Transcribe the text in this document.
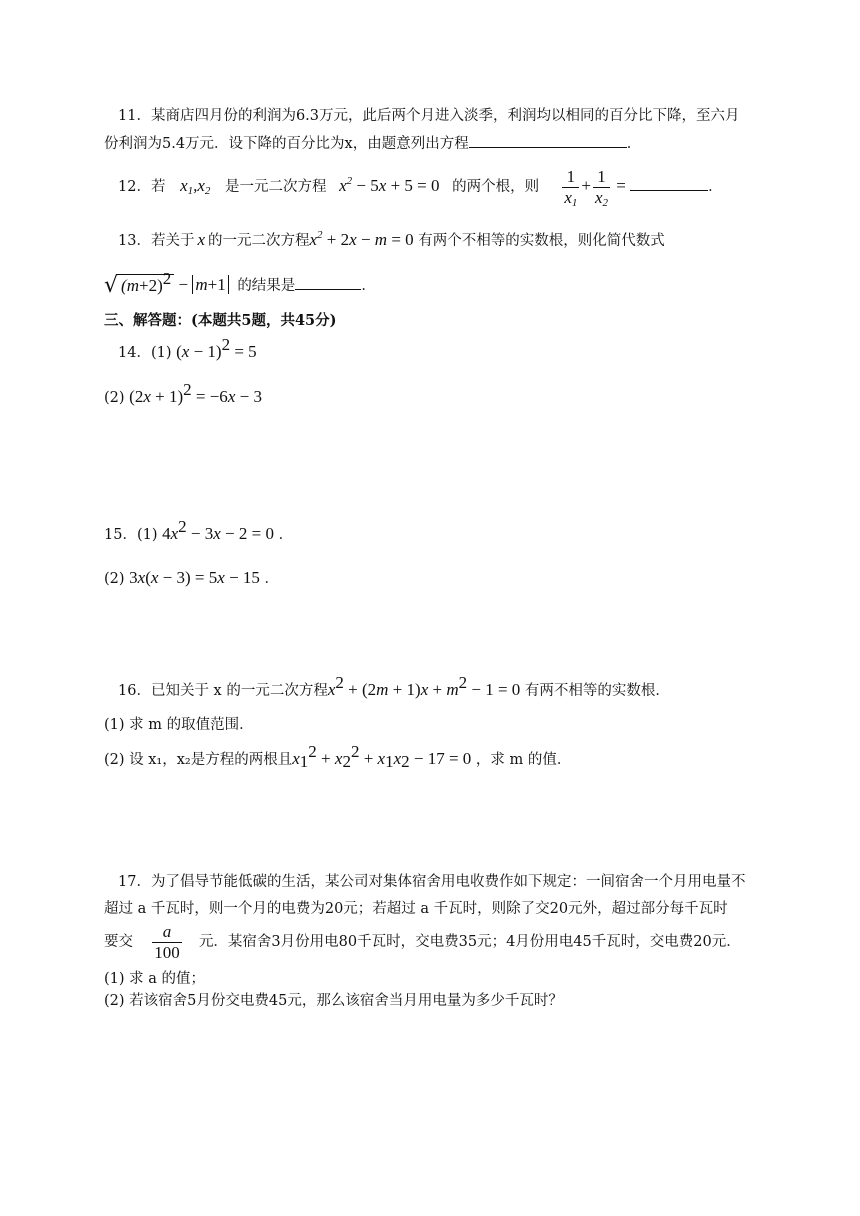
11．某商店四月份的利润为6.3万元，此后两个月进入淡季，利润均以相同的百分比下降，至六月
份利润为5.4万元．设下降的百分比为x，由题意列出方程	．
12．若 $x_1,x_2$ 是一元二次方程 $x^2 - 5x + 5 = 0$ 的两个根，则 $\frac{1}{x_1} + \frac{1}{x_2}$ =	．
13．若关于 x 的一元二次方程$x^2 + 2x - m = 0$ 有两个不相等的实数根，则化简代数式
√ $(m+2)^2 - m+1$ 的结果是	．
三、解答题：(本题共5题，共45分)
14．(1) $(x - 1)^2 = 5$
(2) $(2x + 1)^2 = -6x - 3$
15．(1) $4x^2 - 3x - 2 = 0$ ．
(2) 3x(x − 3) = 5x − 15 ．
16．已知关于 x 的一元二次方程$x^2 + (2m + 1)x + m^2 - 1 = 0$ 有两不相等的实数根．
(1) 求 m 的取值范围．
(2) 设 x₁，x₂是方程的两根且$x_1^2 + x_2^2 + x_1x_2 - 17 = 0$ ，求 m 的值．
17．为了倡导节能低碳的生活，某公司对集体宿舍用电收费作如下规定：一间宿舍一个月用电量不
超过 a 千瓦时，则一个月的电费为20元；若超过 a 千瓦时，则除了交20元外，超过部分每千瓦时
要交 $\frac{a}{100}$ 元．某宿舍3月份用电80千瓦时，交电费35元；4月份用电45千瓦时，交电费20元．
(1) 求 a 的值；
(2) 若该宿舍5月份交电费45元，那么该宿舍当月用电量为多少千瓦时？
